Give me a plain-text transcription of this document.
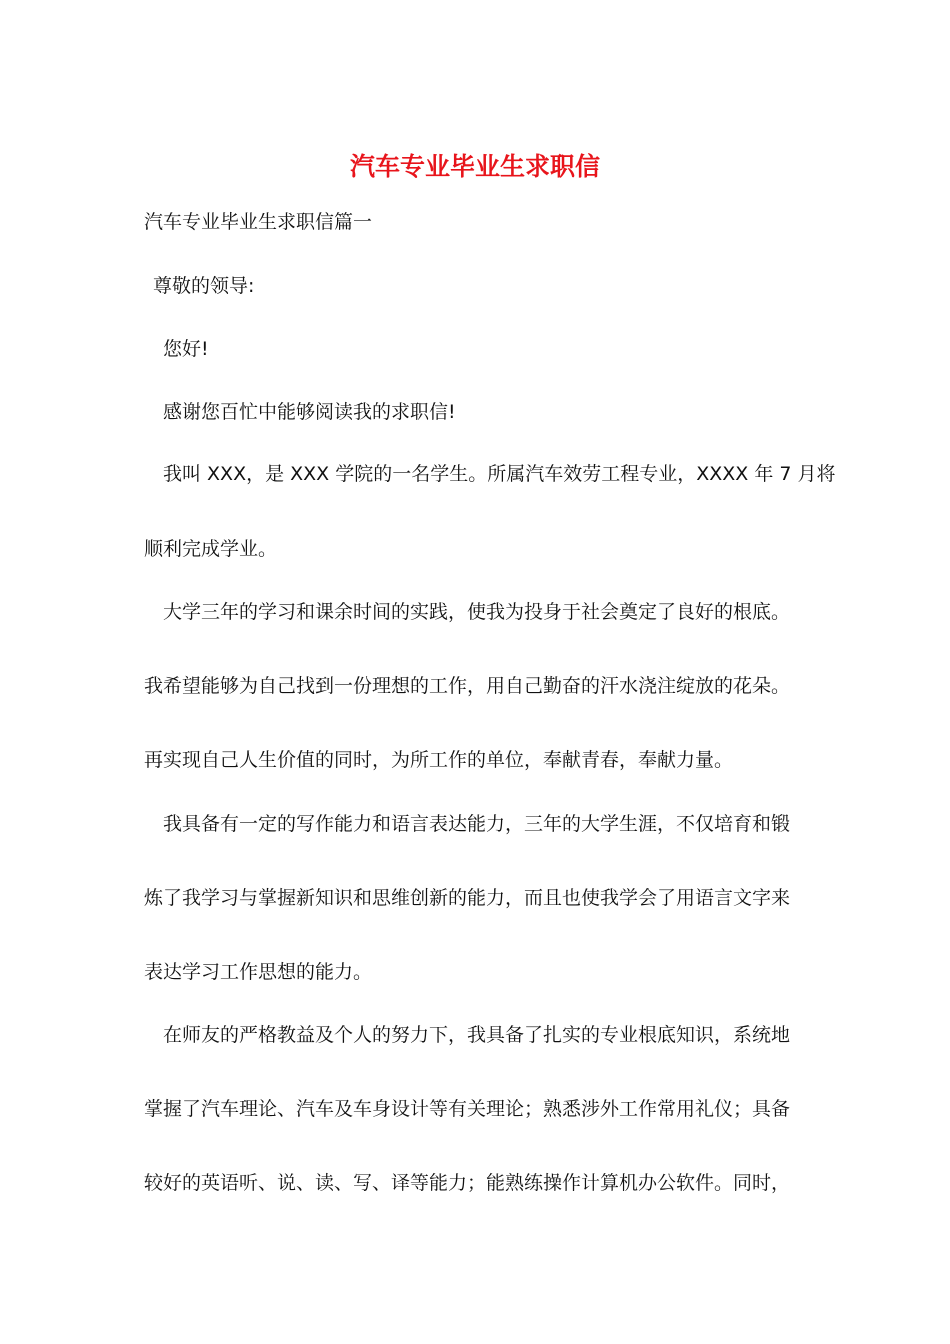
汽车专业毕业生求职信
汽车专业毕业生求职信篇一
尊敬的领导:
您好!
感谢您百忙中能够阅读我的求职信!
我叫 XXX，是 XXX 学院的一名学生。所属汽车效劳工程专业，XXXX 年 7 月将
顺利完成学业。
大学三年的学习和课余时间的实践，使我为投身于社会奠定了良好的根底。
我希望能够为自己找到一份理想的工作，用自己勤奋的汗水浇注绽放的花朵。
再实现自己人生价值的同时，为所工作的单位，奉献青春，奉献力量。
我具备有一定的写作能力和语言表达能力，三年的大学生涯，不仅培育和锻
炼了我学习与掌握新知识和思维创新的能力，而且也使我学会了用语言文字来
表达学习工作思想的能力。
在师友的严格教益及个人的努力下，我具备了扎实的专业根底知识，系统地
掌握了汽车理论、汽车及车身设计等有关理论；熟悉涉外工作常用礼仪；具备
较好的英语听、说、读、写、译等能力；能熟练操作计算机办公软件。同时，
